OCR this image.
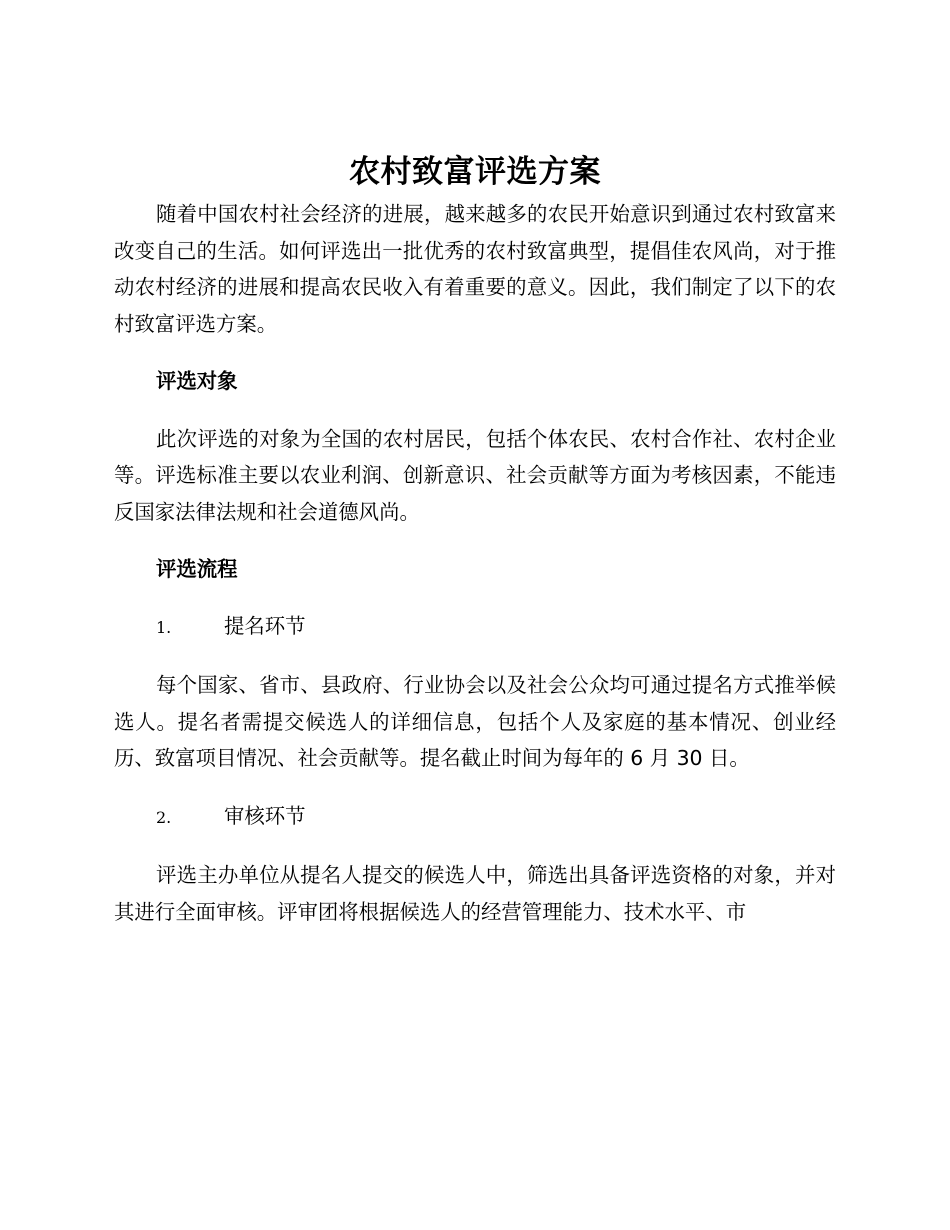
农村致富评选方案

随着中国农村社会经济的进展，越来越多的农民开始意识到通过农村致富来改变自己的生活。如何评选出一批优秀的农村致富典型，提倡佳农风尚，对于推动农村经济的进展和提高农民收入有着重要的意义。因此，我们制定了以下的农村致富评选方案。

评选对象

此次评选的对象为全国的农村居民，包括个体农民、农村合作社、农村企业等。评选标准主要以农业利润、创新意识、社会贡献等方面为考核因素，不能违反国家法律法规和社会道德风尚。

评选流程

1.	提名环节

每个国家、省市、县政府、行业协会以及社会公众均可通过提名方式推举候选人。提名者需提交候选人的详细信息，包括个人及家庭的基本情况、创业经历、致富项目情况、社会贡献等。提名截止时间为每年的 6 月 30 日。

2.	审核环节

评选主办单位从提名人提交的候选人中，筛选出具备评选资格的对象，并对其进行全面审核。评审团将根据候选人的经营管理能力、技术水平、市
